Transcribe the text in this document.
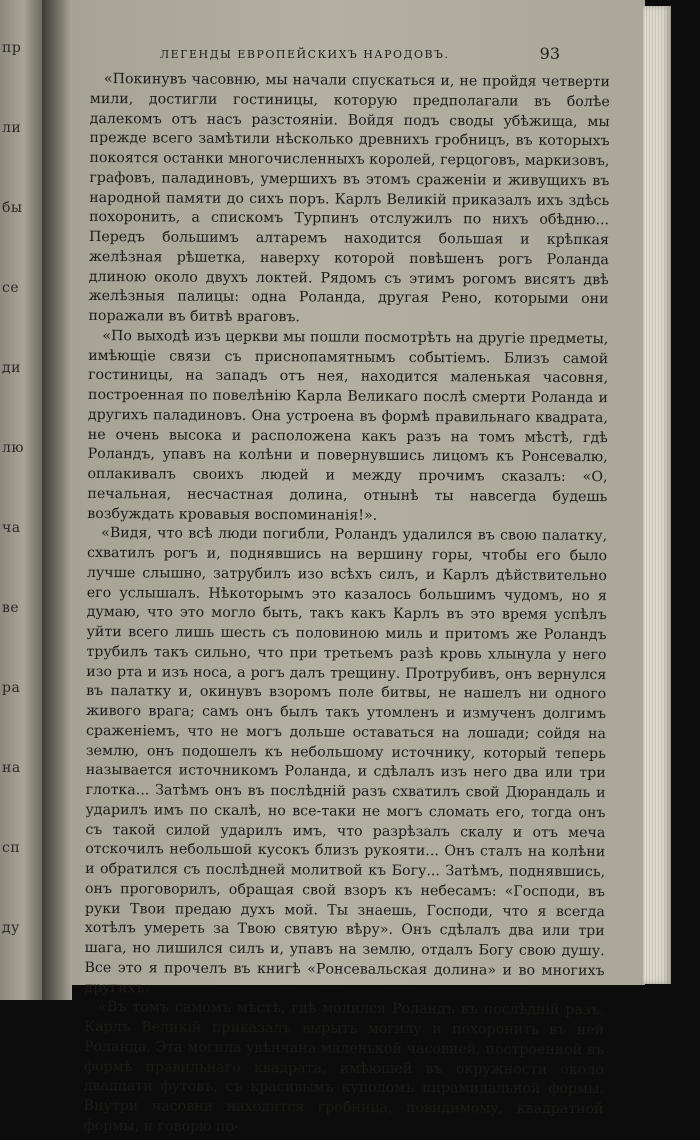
пр
ли
бы
се
ди
лю
ча
ве
ра
на
сп
ду
ЛЕГЕНДЫ ЕВРОПЕЙСКИХЪ НАРОДОВЪ.	93

«Покинувъ часовню, мы начали спускаться и, не пройдя четверти мили, достигли гостиницы, которую предполагали въ болѣе далекомъ отъ насъ разстояніи. Войдя подъ своды убѣжища, мы прежде всего замѣтили нѣсколько древнихъ гробницъ, въ которыхъ покоятся останки многочисленныхъ королей, герцоговъ, маркизовъ, графовъ, паладиновъ, умершихъ въ этомъ сраженіи и живущихъ въ народной памяти до сихъ поръ. Карлъ Великій приказалъ ихъ здѣсь похоронить, а спискомъ Турпинъ отслужилъ по нихъ обѣдню... Передъ большимъ алтаремъ находится большая и крѣпкая желѣзная рѣшетка, наверху которой повѣшенъ рогъ Роланда длиною около двухъ локтей. Рядомъ съ этимъ рогомъ висятъ двѣ желѣзныя палицы: одна Роланда, другая Рено, которыми они поражали въ битвѣ враговъ.

«По выходѣ изъ церкви мы пошли посмотрѣть на другіе предметы, имѣющіе связи съ приснопамятнымъ событіемъ. Близъ самой гостиницы, на западъ отъ нея, находится маленькая часовня, построенная по повелѣнію Карла Великаго послѣ смерти Роланда и другихъ паладиновъ. Она устроена въ формѣ правильнаго квадрата, не очень высока и расположена какъ разъ на томъ мѣстѣ, гдѣ Роландъ, упавъ на колѣни и повернувшись лицомъ къ Ронсевалю, оплакивалъ своихъ людей и между прочимъ сказалъ: «О, печальная, несчастная долина, отнынѣ ты навсегда будешь возбуждать кровавыя воспоминанія!».

«Видя, что всѣ люди погибли, Роландъ удалился въ свою палатку, схватилъ рогъ и, поднявшись на вершину горы, чтобы его было лучше слышно, затрубилъ изо всѣхъ силъ, и Карлъ дѣйствительно его услышалъ. Нѣкоторымъ это казалось большимъ чудомъ, но я думаю, что это могло быть, такъ какъ Карлъ въ это время успѣлъ уйти всего лишь шесть съ половиною миль и притомъ же Роландъ трубилъ такъ сильно, что при третьемъ разѣ кровь хлынула у него изо рта и изъ носа, а рогъ далъ трещину. Протрубивъ, онъ вернулся въ палатку и, окинувъ взоромъ поле битвы, не нашелъ ни одного живого врага; самъ онъ былъ такъ утомленъ и измученъ долгимъ сраженіемъ, что не могъ дольше оставаться на лошади; сойдя на землю, онъ подошелъ къ небольшому источнику, который теперь называется источникомъ Роланда, и сдѣлалъ изъ него два или три глотка... Затѣмъ онъ въ послѣдній разъ схватилъ свой Дюрандаль и ударилъ имъ по скалѣ, но все-таки не могъ сломать его, тогда онъ съ такой силой ударилъ имъ, что разрѣзалъ скалу и отъ меча отскочилъ небольшой кусокъ близъ рукояти... Онъ сталъ на колѣни и обратился съ послѣдней молитвой къ Богу... Затѣмъ, поднявшись, онъ проговорилъ, обращая свой взоръ къ небесамъ: «Господи, въ руки Твои предаю духъ мой. Ты знаешь, Господи, что я всегда хотѣлъ умереть за Твою святую вѣру». Онъ сдѣлалъ два или три шага, но лишился силъ и, упавъ на землю, отдалъ Богу свою душу. Все это я прочелъ въ книгѣ «Ронсевальская долина» и во многихъ другихъ.

«Въ томъ самомъ мѣстѣ, гдѣ молился Роландъ въ послѣдній разъ, Карлъ Великій приказалъ вырыть могилу и похоронить въ ней Роланда. Эта могила увѣнчана маленькой часовней, построенной въ формѣ правильнаго квадрата, имѣющей въ окружности около двадцати футовъ, съ красивымъ куполомъ пирамидальной формы. Внутри часовни находится гробница, повидимому, квадратной формы, и говорю по-
